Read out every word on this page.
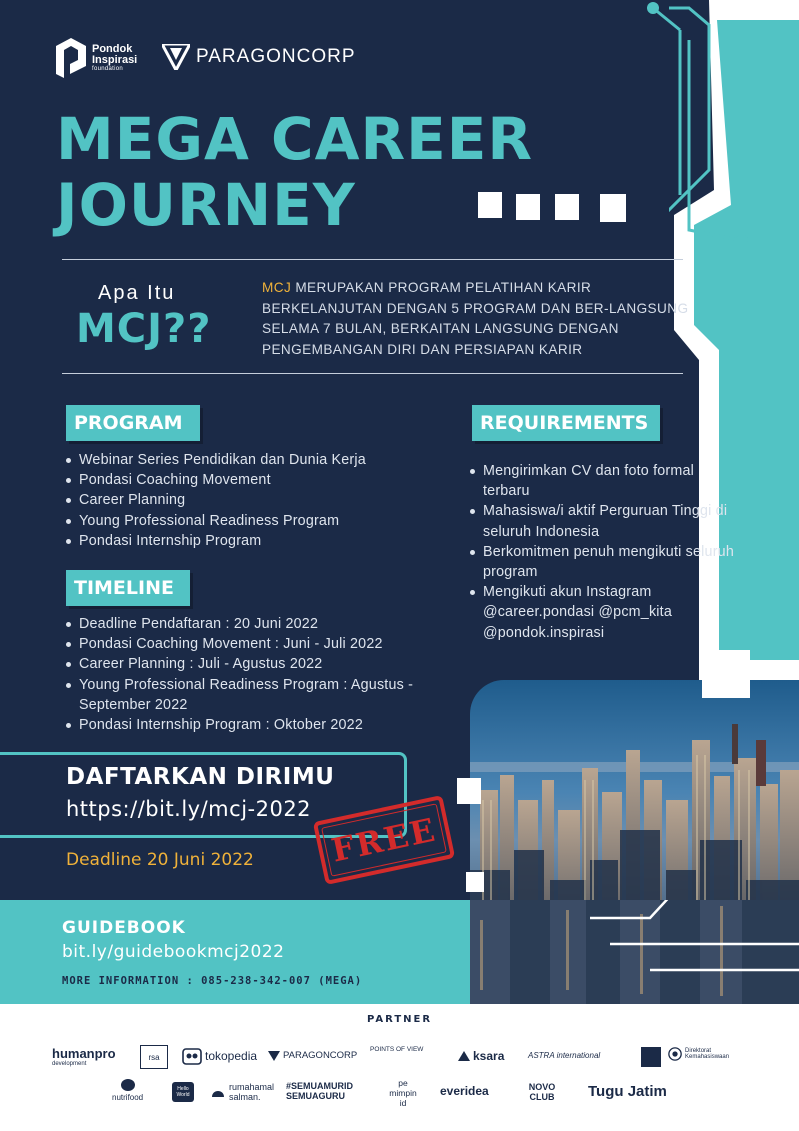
Pondok
Inspirasi
foundation
PARAGONCORP
MEGA CAREER
JOURNEY
Apa Itu
MCJ??
MCJ MERUPAKAN PROGRAM PELATIHAN KARIR BERKELANJUTAN DENGAN 5 PROGRAM DAN BER-LANGSUNG SELAMA 7 BULAN, BERKAITAN LANGSUNG DENGAN PENGEMBANGAN DIRI DAN PERSIAPAN KARIR
PROGRAM
Webinar Series Pendidikan dan Dunia Kerja
Pondasi Coaching Movement
Career Planning
Young Professional Readiness Program
Pondasi Internship Program
REQUIREMENTS
Mengirimkan CV dan foto formal terbaru
Mahasiswa/i aktif Perguruan Tinggi di seluruh Indonesia
Berkomitmen penuh mengikuti seluruh program
Mengikuti akun Instagram @career.pondasi @pcm_kita @pondok.inspirasi
TIMELINE
Deadline Pendaftaran : 20 Juni 2022
Pondasi Coaching Movement : Juni - Juli 2022
Career Planning : Juli - Agustus 2022
Young Professional Readiness Program : Agustus - September 2022
Pondasi Internship Program : Oktober 2022
DAFTARKAN DIRIMU
https://bit.ly/mcj-2022
Deadline 20 Juni 2022 FREE
GUIDEBOOK
bit.ly/guidebookmcj2022
MORE INFORMATION : 085-238-342-007 (MEGA)
PARTNER
humanpro
development
rsa	tokopedia	PARAGONCORP
POINTS OF VIEW	ksara	ASTRA international	Direktorat Kemahasiswaan
nutrifood
Hello World
rumahamal salman.
#SEMUAMURID SEMUAGURU
pe mimpin id
everidea	NOVO CLUB	Tugu Jatim
